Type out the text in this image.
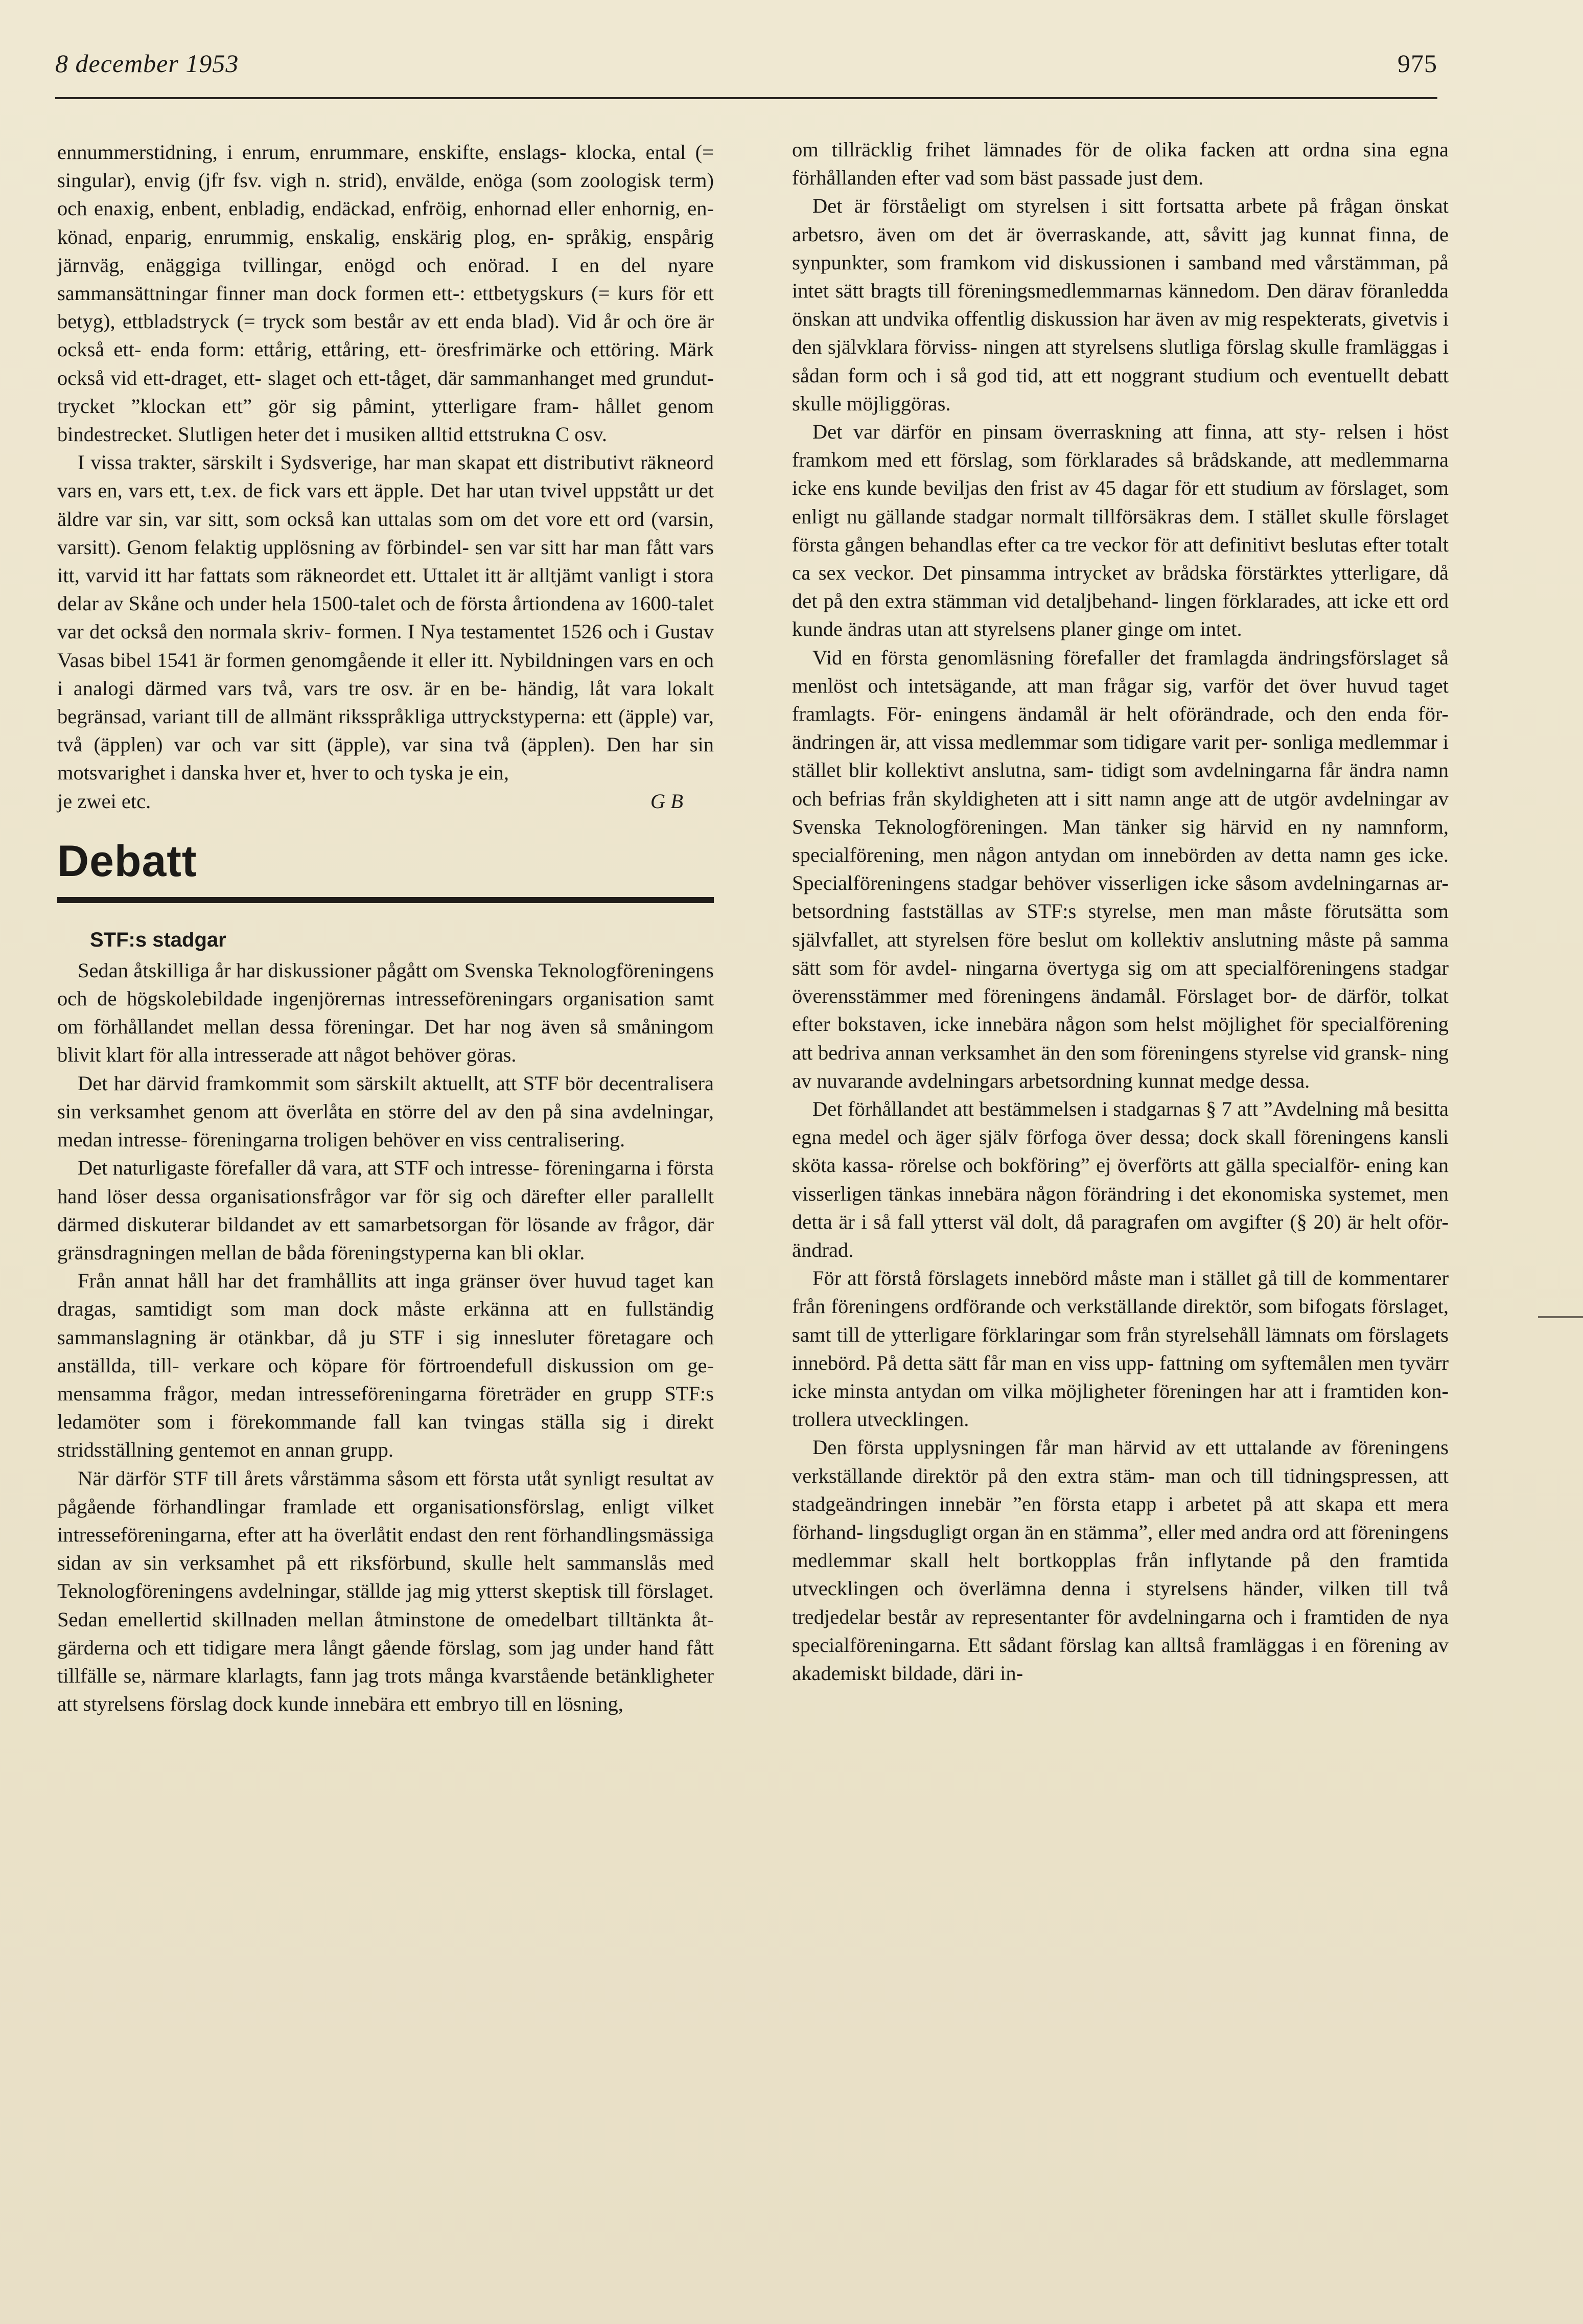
8 december 1953	975

ennummerstidning, i enrum, enrummare, enskifte, enslags- klocka, ental (= singular), envig (jfr fsv. vigh n. strid), envälde, enöga (som zoologisk term) och enaxig, enbent, enbladig, endäckad, enfröig, enhornad eller enhornig, en- könad, enparig, enrummig, enskalig, enskärig plog, en- språkig, enspårig järnväg, enäggiga tvillingar, enögd och enörad. I en del nyare sammansättningar finner man dock formen ett-: ettbetygskurs (= kurs för ett betyg), ettbladstryck (= tryck som består av ett enda blad). Vid år och öre är också ett- enda form: ettårig, ettåring, ett- öresfrimärke och ettöring. Märk också vid ett-draget, ett- slaget och ett-tåget, där sammanhanget med grundut- trycket ”klockan ett” gör sig påmint, ytterligare fram- hållet genom bindestrecket. Slutligen heter det i musiken alltid ettstrukna C osv.

I vissa trakter, särskilt i Sydsverige, har man skapat ett distributivt räkneord vars en, vars ett, t.ex. de fick vars ett äpple. Det har utan tvivel uppstått ur det äldre var sin, var sitt, som också kan uttalas som om det vore ett ord (varsin, varsitt). Genom felaktig upplösning av förbindel- sen var sitt har man fått vars itt, varvid itt har fattats som räkneordet ett. Uttalet itt är alltjämt vanligt i stora delar av Skåne och under hela 1500-talet och de första årtiondena av 1600-talet var det också den normala skriv- formen. I Nya testamentet 1526 och i Gustav Vasas bibel 1541 är formen genomgående it eller itt. Nybildningen vars en och i analogi därmed vars två, vars tre osv. är en be- händig, låt vara lokalt begränsad, variant till de allmänt riksspråkliga uttryckstyperna: ett (äpple) var, två (äpplen) var och var sitt (äpple), var sina två (äpplen). Den har sin motsvarighet i danska hver et, hver to och tyska je ein,

je zwei etc.	G B
Debatt
STF:s stadgar

Sedan åtskilliga år har diskussioner pågått om Svenska Teknologföreningens och de högskolebildade ingenjörernas intresseföreningars organisation samt om förhållandet mellan dessa föreningar. Det har nog även så småningom blivit klart för alla intresserade att något behöver göras.

Det har därvid framkommit som särskilt aktuellt, att STF bör decentralisera sin verksamhet genom att överlåta en större del av den på sina avdelningar, medan intresse- föreningarna troligen behöver en viss centralisering.

Det naturligaste förefaller då vara, att STF och intresse- föreningarna i första hand löser dessa organisationsfrågor var för sig och därefter eller parallellt därmed diskuterar bildandet av ett samarbetsorgan för lösande av frågor, där gränsdragningen mellan de båda föreningstyperna kan bli oklar.

Från annat håll har det framhållits att inga gränser över huvud taget kan dragas, samtidigt som man dock måste erkänna att en fullständig sammanslagning är otänkbar, då ju STF i sig innesluter företagare och anställda, till- verkare och köpare för förtroendefull diskussion om ge- mensamma frågor, medan intresseföreningarna företräder en grupp STF:s ledamöter som i förekommande fall kan tvingas ställa sig i direkt stridsställning gentemot en annan grupp.

När därför STF till årets vårstämma såsom ett första utåt synligt resultat av pågående förhandlingar framlade ett organisationsförslag, enligt vilket intresseföreningarna, efter att ha överlåtit endast den rent förhandlingsmässiga sidan av sin verksamhet på ett riksförbund, skulle helt sammanslås med Teknologföreningens avdelningar, ställde jag mig ytterst skeptisk till förslaget. Sedan emellertid skillnaden mellan åtminstone de omedelbart tilltänkta åt- gärderna och ett tidigare mera långt gående förslag, som jag under hand fått tillfälle se, närmare klarlagts, fann jag trots många kvarstående betänkligheter att styrelsens förslag dock kunde innebära ett embryo till en lösning,

om tillräcklig frihet lämnades för de olika facken att ordna sina egna förhållanden efter vad som bäst passade just dem.

Det är förståeligt om styrelsen i sitt fortsatta arbete på frågan önskat arbetsro, även om det är överraskande, att, såvitt jag kunnat finna, de synpunkter, som framkom vid diskussionen i samband med vårstämman, på intet sätt bragts till föreningsmedlemmarnas kännedom. Den därav föranledda önskan att undvika offentlig diskussion har även av mig respekterats, givetvis i den självklara förviss- ningen att styrelsens slutliga förslag skulle framläggas i sådan form och i så god tid, att ett noggrant studium och eventuellt debatt skulle möjliggöras.

Det var därför en pinsam överraskning att finna, att sty- relsen i höst framkom med ett förslag, som förklarades så brådskande, att medlemmarna icke ens kunde beviljas den frist av 45 dagar för ett studium av förslaget, som enligt nu gällande stadgar normalt tillförsäkras dem. I stället skulle förslaget första gången behandlas efter ca tre veckor för att definitivt beslutas efter totalt ca sex veckor. Det pinsamma intrycket av brådska förstärktes ytterligare, då det på den extra stämman vid detaljbehand- lingen förklarades, att icke ett ord kunde ändras utan att styrelsens planer ginge om intet.

Vid en första genomläsning förefaller det framlagda ändringsförslaget så menlöst och intetsägande, att man frågar sig, varför det över huvud taget framlagts. För- eningens ändamål är helt oförändrade, och den enda för- ändringen är, att vissa medlemmar som tidigare varit per- sonliga medlemmar i stället blir kollektivt anslutna, sam- tidigt som avdelningarna får ändra namn och befrias från skyldigheten att i sitt namn ange att de utgör avdelningar av Svenska Teknologföreningen. Man tänker sig härvid en ny namnform, specialförening, men någon antydan om innebörden av detta namn ges icke. Specialföreningens stadgar behöver visserligen icke såsom avdelningarnas ar- betsordning fastställas av STF:s styrelse, men man måste förutsätta som självfallet, att styrelsen före beslut om kollektiv anslutning måste på samma sätt som för avdel- ningarna övertyga sig om att specialföreningens stadgar överensstämmer med föreningens ändamål. Förslaget bor- de därför, tolkat efter bokstaven, icke innebära någon som helst möjlighet för specialförening att bedriva annan verksamhet än den som föreningens styrelse vid gransk- ning av nuvarande avdelningars arbetsordning kunnat medge dessa.

Det förhållandet att bestämmelsen i stadgarnas § 7 att ”Avdelning må besitta egna medel och äger själv förfoga över dessa; dock skall föreningens kansli sköta kassa- rörelse och bokföring” ej överförts att gälla specialför- ening kan visserligen tänkas innebära någon förändring i det ekonomiska systemet, men detta är i så fall ytterst väl dolt, då paragrafen om avgifter (§ 20) är helt oför- ändrad.

För att förstå förslagets innebörd måste man i stället gå till de kommentarer från föreningens ordförande och verkställande direktör, som bifogats förslaget, samt till de ytterligare förklaringar som från styrelsehåll lämnats om förslagets innebörd. På detta sätt får man en viss upp- fattning om syftemålen men tyvärr icke minsta antydan om vilka möjligheter föreningen har att i framtiden kon- trollera utvecklingen.

Den första upplysningen får man härvid av ett uttalande av föreningens verkställande direktör på den extra stäm- man och till tidningspressen, att stadgeändringen innebär ”en första etapp i arbetet på att skapa ett mera förhand- lingsdugligt organ än en stämma”, eller med andra ord att föreningens medlemmar skall helt bortkopplas från inflytande på den framtida utvecklingen och överlämna denna i styrelsens händer, vilken till två tredjedelar består av representanter för avdelningarna och i framtiden de nya specialföreningarna. Ett sådant förslag kan alltså framläggas i en förening av akademiskt bildade, däri in-
